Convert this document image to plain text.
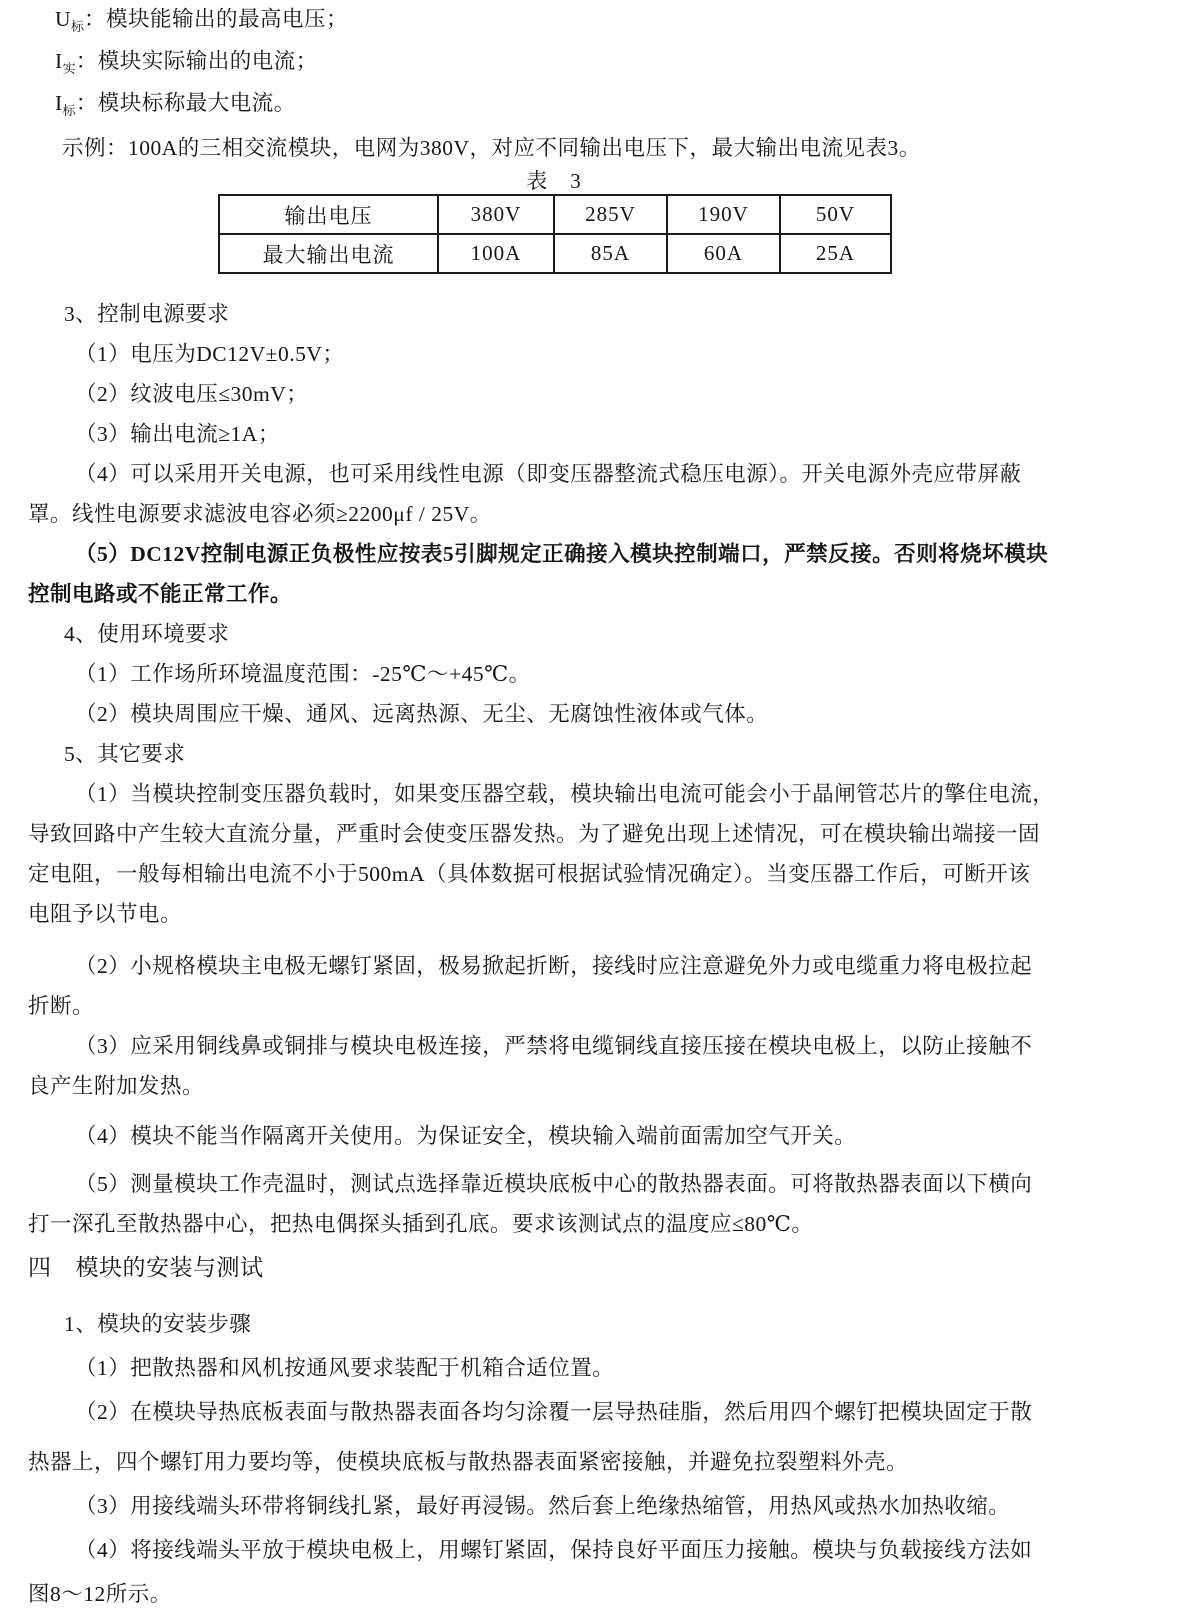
$U_标$：模块能输出的最高电压；
$I_实$：模块实际输出的电流；
$I_标$：模块标称最大电流。
示例：100A的三相交流模块，电网为380V，对应不同输出电压下，最大输出电流见表3。
表　3
输出电压	380V	285V	190V	50V
最大输出电流	100A	85A	60A	25A
3、控制电源要求
（1）电压为DC12V±0.5V；
（2）纹波电压≤30mV；
（3）输出电流≥1A；
（4）可以采用开关电源，也可采用线性电源（即变压器整流式稳压电源）。开关电源外壳应带屏蔽
罩。线性电源要求滤波电容必须≥2200μf / 25V。
（5）DC12V控制电源正负极性应按表5引脚规定正确接入模块控制端口，严禁反接。否则将烧坏模块
控制电路或不能正常工作。
4、使用环境要求
（1）工作场所环境温度范围：-25℃～+45℃。
（2）模块周围应干燥、通风、远离热源、无尘、无腐蚀性液体或气体。
5、其它要求
（1）当模块控制变压器负载时，如果变压器空载，模块输出电流可能会小于晶闸管芯片的擎住电流，
导致回路中产生较大直流分量，严重时会使变压器发热。为了避免出现上述情况，可在模块输出端接一固
定电阻，一般每相输出电流不小于500mA（具体数据可根据试验情况确定）。当变压器工作后，可断开该
电阻予以节电。
（2）小规格模块主电极无螺钉紧固，极易掀起折断，接线时应注意避免外力或电缆重力将电极拉起
折断。
（3）应采用铜线鼻或铜排与模块电极连接，严禁将电缆铜线直接压接在模块电极上，以防止接触不
良产生附加发热。
（4）模块不能当作隔离开关使用。为保证安全，模块输入端前面需加空气开关。
（5）测量模块工作壳温时，测试点选择靠近模块底板中心的散热器表面。可将散热器表面以下横向
打一深孔至散热器中心，把热电偶探头插到孔底。要求该测试点的温度应≤80℃。
四 模块的安装与测试
1、模块的安装步骤
（1）把散热器和风机按通风要求装配于机箱合适位置。
（2）在模块导热底板表面与散热器表面各均匀涂覆一层导热硅脂，然后用四个螺钉把模块固定于散
热器上，四个螺钉用力要均等，使模块底板与散热器表面紧密接触，并避免拉裂塑料外壳。
（3）用接线端头环带将铜线扎紧，最好再浸锡。然后套上绝缘热缩管，用热风或热水加热收缩。
（4）将接线端头平放于模块电极上，用螺钉紧固，保持良好平面压力接触。模块与负载接线方法如
图8～12所示。
